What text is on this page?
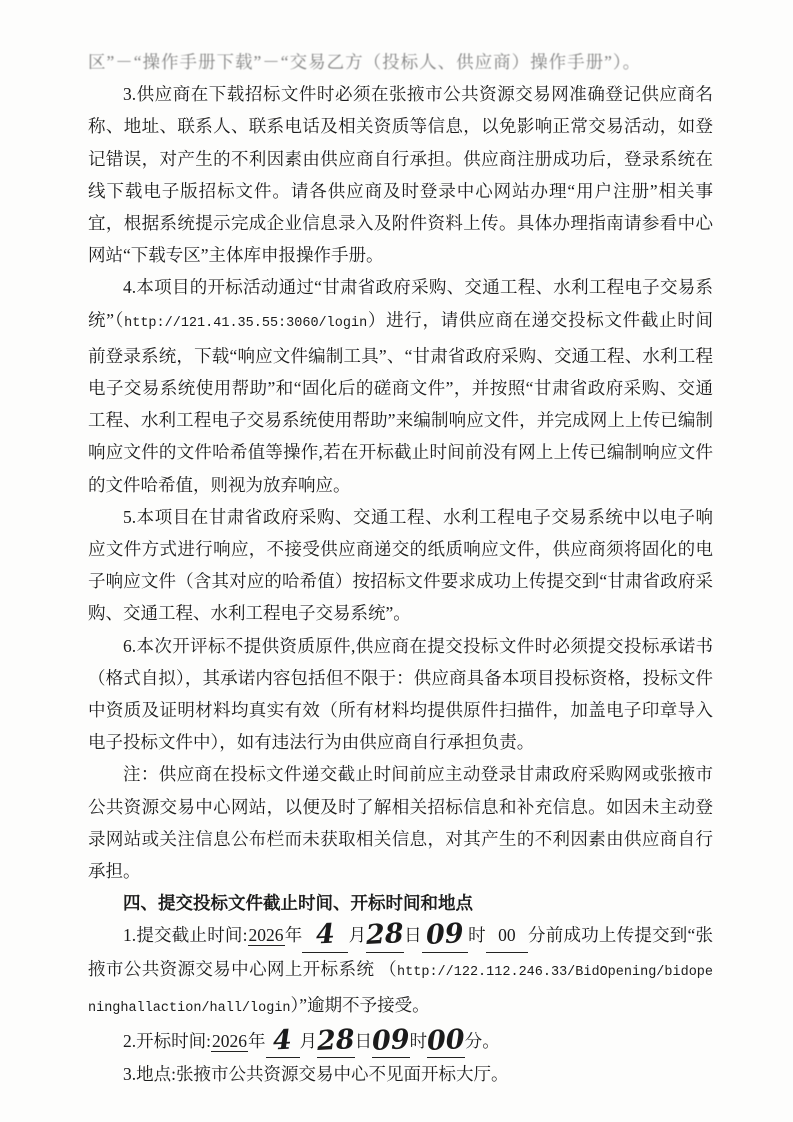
区”－“操作手册下载”－“交易乙方（投标人、供应商）操作手册”）。

3.供应商在下载招标文件时必须在张掖市公共资源交易网准确登记供应商名称、地址、联系人、联系电话及相关资质等信息，以免影响正常交易活动，如登记错误，对产生的不利因素由供应商自行承担。供应商注册成功后，登录系统在线下载电子版招标文件。请各供应商及时登录中心网站办理“用户注册”相关事宜，根据系统提示完成企业信息录入及附件资料上传。具体办理指南请参看中心网站“下载专区”主体库申报操作手册。

4.本项目的开标活动通过“甘肃省政府采购、交通工程、水利工程电子交易系统”（http://121.41.35.55:3060/login）进行，请供应商在递交投标文件截止时间前登录系统，下载“响应文件编制工具”、“甘肃省政府采购、交通工程、水利工程电子交易系统使用帮助”和“固化后的磋商文件”，并按照“甘肃省政府采购、交通工程、水利工程电子交易系统使用帮助”来编制响应文件，并完成网上上传已编制响应文件的文件哈希值等操作,若在开标截止时间前没有网上上传已编制响应文件的文件哈希值，则视为放弃响应。

5.本项目在甘肃省政府采购、交通工程、水利工程电子交易系统中以电子响应文件方式进行响应，不接受供应商递交的纸质响应文件，供应商须将固化的电子响应文件（含其对应的哈希值）按招标文件要求成功上传提交到“甘肃省政府采购、交通工程、水利工程电子交易系统”。

6.本次开评标不提供资质原件,供应商在提交投标文件时必须提交投标承诺书（格式自拟），其承诺内容包括但不限于：供应商具备本项目投标资格，投标文件中资质及证明材料均真实有效（所有材料均提供原件扫描件，加盖电子印章导入电子投标文件中），如有违法行为由供应商自行承担负责。

注：供应商在投标文件递交截止时间前应主动登录甘肃政府采购网或张掖市公共资源交易中心网站，以便及时了解相关招标信息和补充信息。如因未主动登录网站或关注信息公布栏而未获取相关信息，对其产生的不利因素由供应商自行承担。

四、提交投标文件截止时间、开标时间和地点

1.提交截止时间:2026年 4 月28日 09 时 00 分前成功上传提交到“张掖市公共资源交易中心网上开标系统 （http://122.112.246.33/BidOpening/bidopeninghallaction/hall/login）”逾期不予接受。

2.开标时间:2026年 4 月28日09时00分。

3.地点:张掖市公共资源交易中心不见面开标大厅。
